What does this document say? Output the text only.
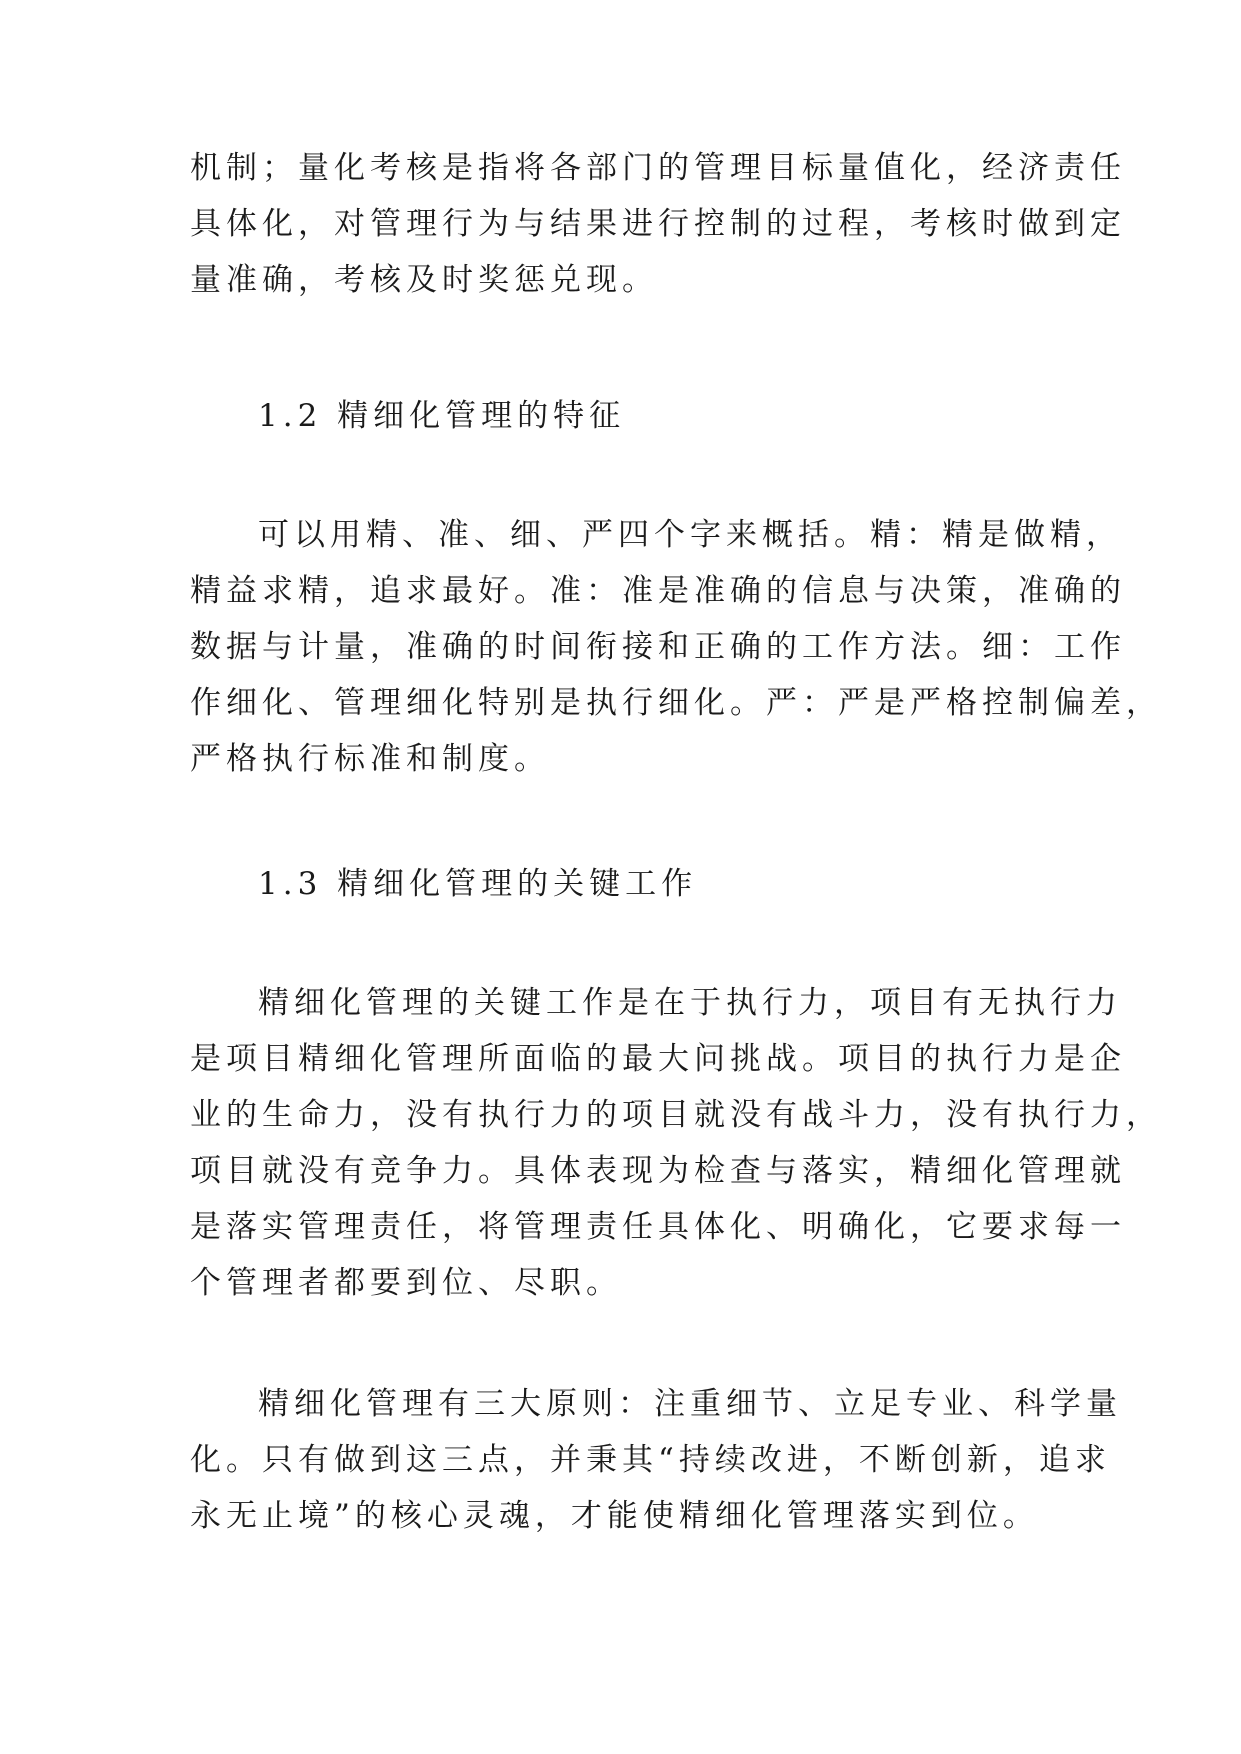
机制；量化考核是指将各部门的管理目标量值化，经济责任
具体化，对管理行为与结果进行控制的过程，考核时做到定
量准确，考核及时奖惩兑现。
1.2 精细化管理的特征
可以用精、准、细、严四个字来概括。精：精是做精，
精益求精，追求最好。准：准是准确的信息与决策，准确的
数据与计量，准确的时间衔接和正确的工作方法。细：工作
作细化、管理细化特别是执行细化。严：严是严格控制偏差，
严格执行标准和制度。
1.3 精细化管理的关键工作
精细化管理的关键工作是在于执行力，项目有无执行力
是项目精细化管理所面临的最大问挑战。项目的执行力是企
业的生命力，没有执行力的项目就没有战斗力，没有执行力，
项目就没有竞争力。具体表现为检查与落实，精细化管理就
是落实管理责任，将管理责任具体化、明确化，它要求每一
个管理者都要到位、尽职。
精细化管理有三大原则：注重细节、立足专业、科学量
化。只有做到这三点，并秉其“持续改进，不断创新，追求
永无止境”的核心灵魂，才能使精细化管理落实到位。
